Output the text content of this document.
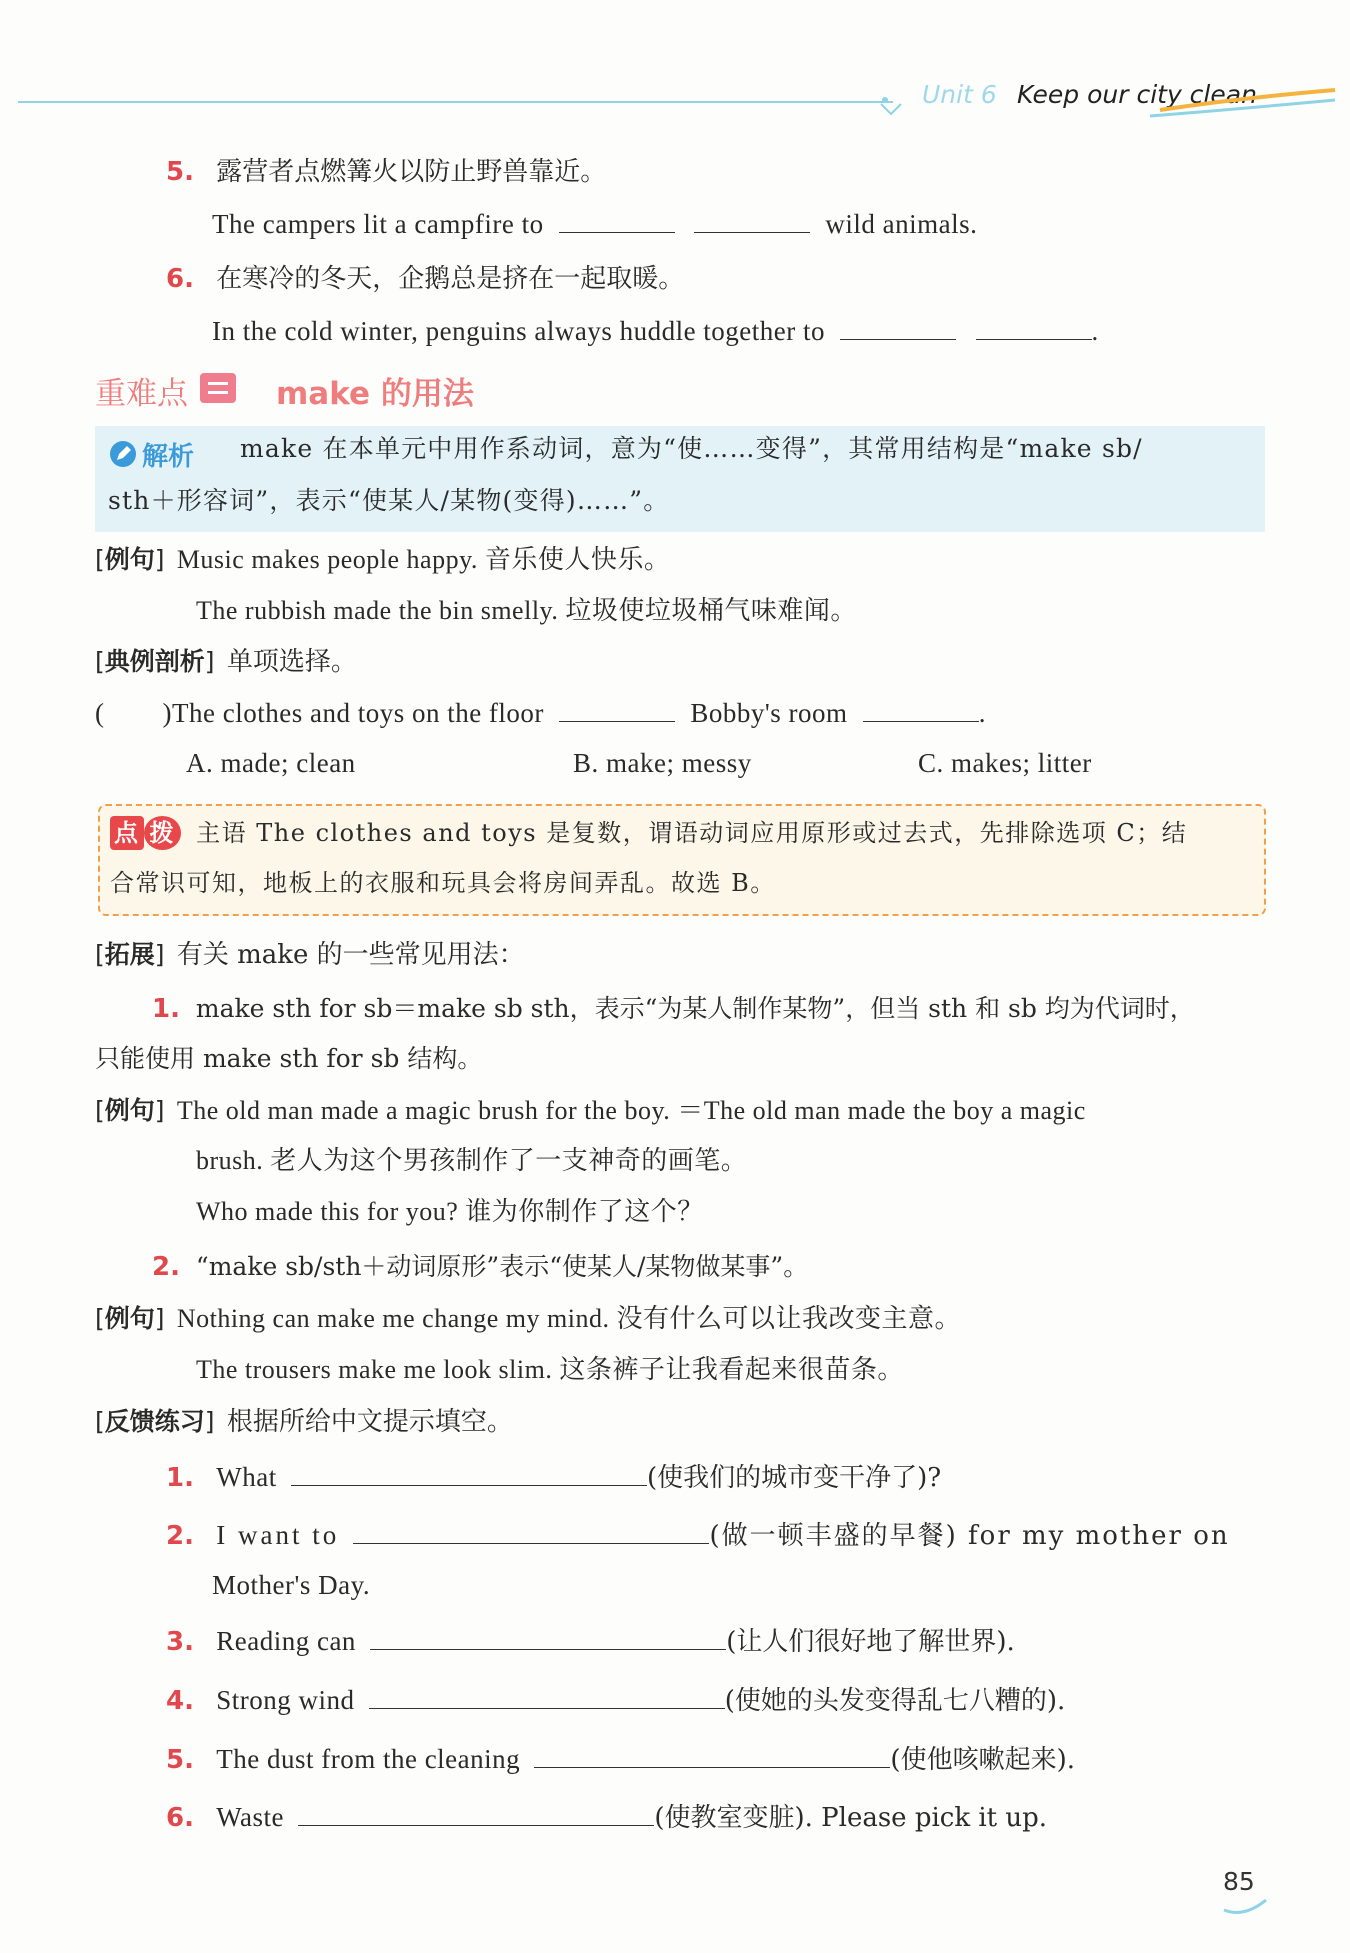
Unit 6 Keep our city clean
5. 露营者点燃篝火以防止野兽靠近。
The campers lit a campfire to	wild animals.
6. 在寒冷的冬天，企鹅总是挤在一起取暖。
In the cold winter, penguins always huddle together to	.
重难点	make 的用法
解析 make 在本单元中用作系动词，意为“使……变得”，其常用结构是“make sb/
sth＋形容词”，表示“使某人/某物(变得)……”。
[例句] Music makes people happy. 音乐使人快乐。
The rubbish made the bin smelly. 垃圾使垃圾桶气味难闻。
[典例剖析] 单项选择。
( )The clothes and toys on the floor	Bobby's room	.
A. made; clean	B. make; messy	C. makes; litter
点 拨 主语 The clothes and toys 是复数，谓语动词应用原形或过去式，先排除选项 C；结
合常识可知，地板上的衣服和玩具会将房间弄乱。故选 B。
[拓展] 有关 make 的一些常见用法：
1. make sth for sb＝make sb sth，表示“为某人制作某物”，但当 sth 和 sb 均为代词时，
只能使用 make sth for sb 结构。
[例句] The old man made a magic brush for the boy. ＝The old man made the boy a magic
brush. 老人为这个男孩制作了一支神奇的画笔。
Who made this for you? 谁为你制作了这个？
2. “make sb/sth＋动词原形”表示“使某人/某物做某事”。
[例句] Nothing can make me change my mind. 没有什么可以让我改变主意。
The trousers make me look slim. 这条裤子让我看起来很苗条。
[反馈练习] 根据所给中文提示填空。
1. What	(使我们的城市变干净了)?
2. I want to	(做一顿丰盛的早餐) for my mother on
Mother's Day.
3. Reading can	(让人们很好地了解世界).
4. Strong wind	(使她的头发变得乱七八糟的).
5. The dust from the cleaning	(使他咳嗽起来).
6. Waste	(使教室变脏). Please pick it up.
85
